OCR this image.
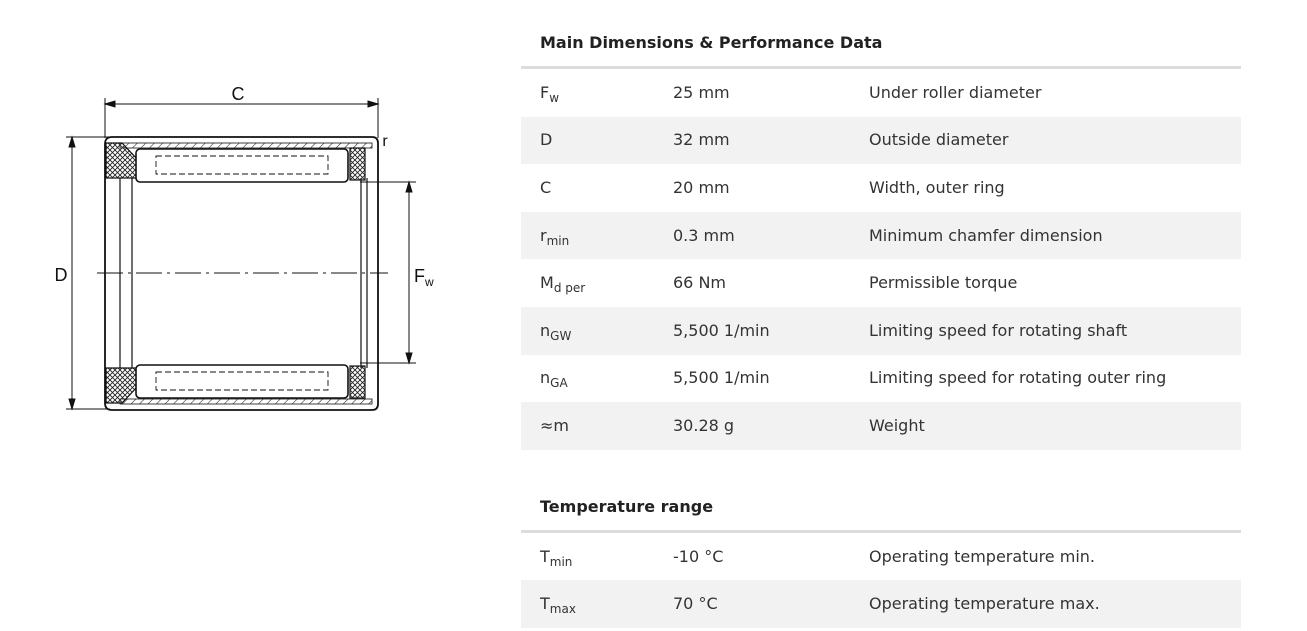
C
r
D	$F_w$
Main Dimensions & Performance Data
$F_w$	25 mm	Under roller diameter
D	32 mm	Outside diameter
C	20 mm	Width, outer ring
$r_{min}$	0.3 mm	Minimum chamfer dimension
$M_{d per}$	66 Nm	Permissible torque
$n_{GW}$	5,500 1/min	Limiting speed for rotating shaft
$n_{GA}$	5,500 1/min	Limiting speed for rotating outer ring
≈m	30.28 g	Weight
Temperature range
$T_{min}$	-10 °C	Operating temperature min.
$T_{max}$	70 °C	Operating temperature max.
